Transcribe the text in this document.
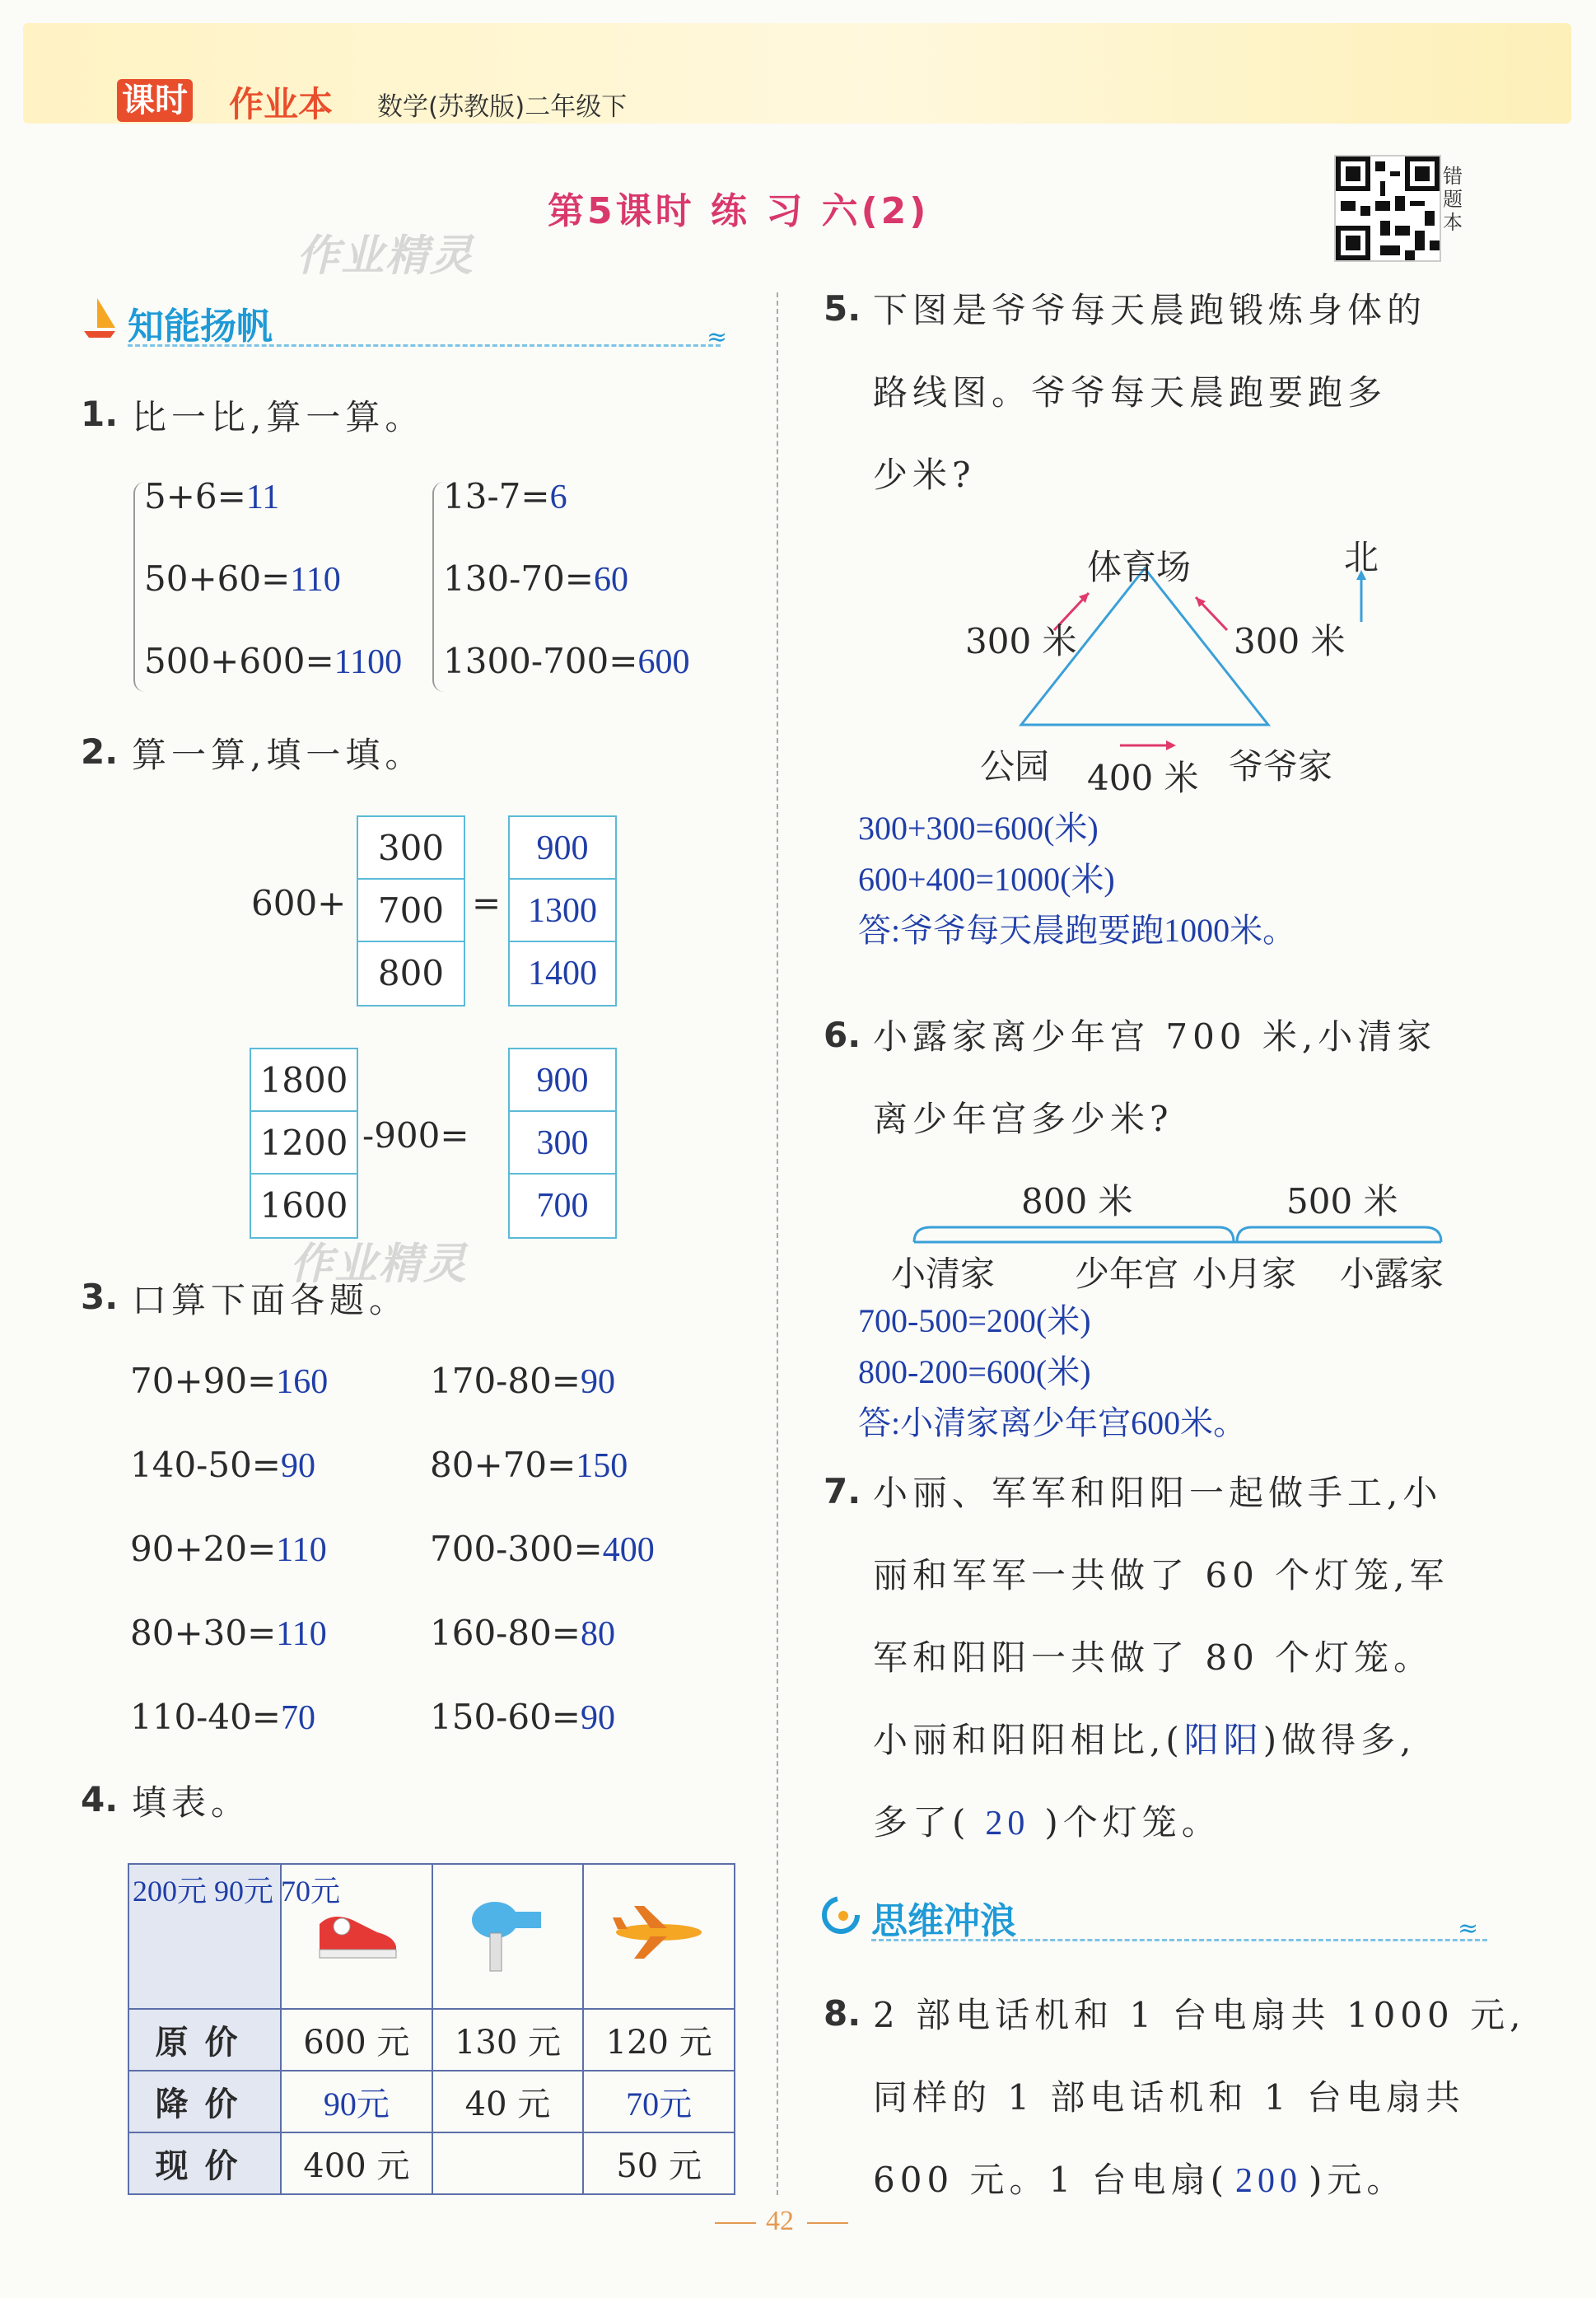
课时 作业本 数学(苏教版)二年级下
第5课时 练 习 六(2)
错题本
作业精灵
作业精灵
知能扬帆	≈
1. 比一比,算一算。
5+6=11
50+60=110
500+600=1100
13-7=6
130-70=60
1300-700=600
2. 算一算,填一填。
600+
300
700
800
=
900
1300
1400
1800
1200
1600
-900=
900
300
700
3. 口算下面各题。
70+90=160	170-80=90
140-50=90	80+70=150
90+20=110	700-300=400
80+30=110	160-80=80
110-40=70	150-60=90
4. 填表。
200元 90元 70元

原价	600 元	130 元	120 元
降价	90元	40 元	70元
现价	400 元		50 元
5. 下图是爷爷每天晨跑锻炼身体的
路线图。爷爷每天晨跑要跑多
少米?
体育场	北
300 米	300 米
公园 400 米 爷爷家
300+300=600(米)
600+400=1000(米)
答:爷爷每天晨跑要跑1000米。
6. 小露家离少年宫 700 米,小清家
离少年宫多少米?
800 米	500 米
小清家 少年宫 小月家 小露家
700-500=200(米)
800-200=600(米)
答:小清家离少年宫600米。
7. 小丽、军军和阳阳一起做手工,小
丽和军军一共做了 60 个灯笼,军
军和阳阳一共做了 80 个灯笼。
小丽和阳阳相比,(阳阳)做得多,
多了( 20 )个灯笼。
思维冲浪	≈
8. 2 部电话机和 1 台电扇共 1000 元,
同样的 1 部电话机和 1 台电扇共
600 元。1 台电扇( 200 )元。
42
